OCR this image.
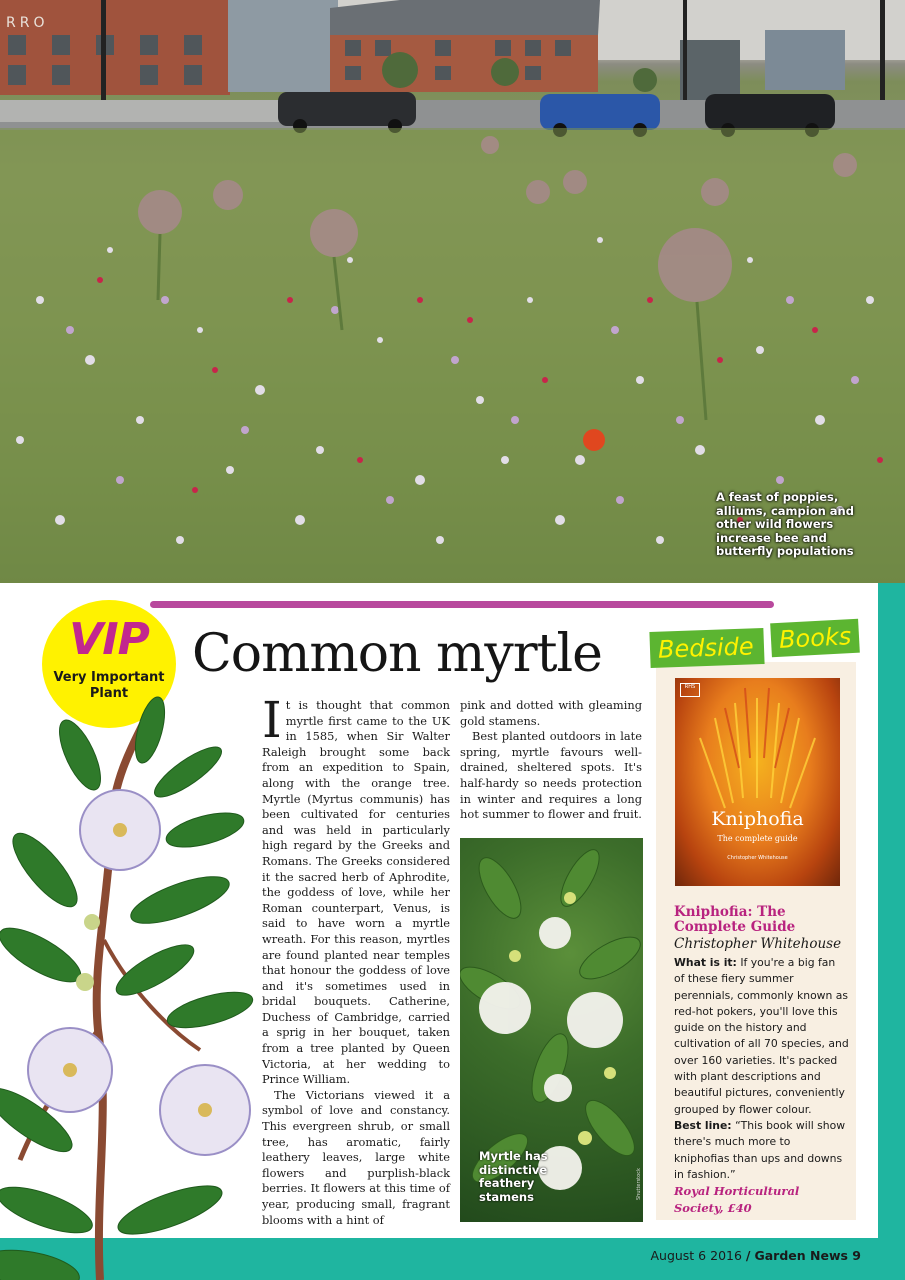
RRO
A feast of poppies, alliums, campion and other wild flowers increase bee and butterfly populations
VIP
Very Important Plant
Common myrtle

It is thought that common myrtle first came to the UK in 1585, when Sir Walter Raleigh brought some back from an expedition to Spain, along with the orange tree. Myrtle (Myrtus communis) has been cultivated for centuries and was held in particularly high regard by the Greeks and Romans. The Greeks considered it the sacred herb of Aphrodite, the goddess of love, while her Roman counterpart, Venus, is said to have worn a myrtle wreath. For this reason, myrtles are found planted near temples that honour the goddess of love and it's sometimes used in bridal bouquets. Catherine, Duchess of Cambridge, carried a sprig in her bouquet, taken from a tree planted by Queen Victoria, at her wedding to Prince William.

The Victorians viewed it a symbol of love and constancy. This evergreen shrub, or small tree, has aromatic, fairly leathery leaves, large white flowers and purplish-black berries. It flowers at this time of year, producing small, fragrant blooms with a hint of

pink and dotted with gleaming gold stamens.

Best planted outdoors in late spring, myrtle favours well-drained, sheltered spots. It's half-hardy so needs protection in winter and requires a long hot summer to flower and fruit.

Myrtle has distinctive feathery stamens	Shutterstock
Bedside	Books
RHS
Kniphofia
The complete guide
Christopher Whitehouse
Kniphofia: The Complete Guide
Christopher Whitehouse
What is it: If you're a big fan of these fiery summer perennials, commonly known as red-hot pokers, you'll love this guide on the history and cultivation of all 70 species, and over 160 varieties. It's packed with plant descriptions and beautiful pictures, conveniently grouped by flower colour.
Best line: “This book will show there's much more to kniphofias than ups and downs in fashion.”
Royal Horticultural Society, £40
August 6 2016 / Garden News 9
